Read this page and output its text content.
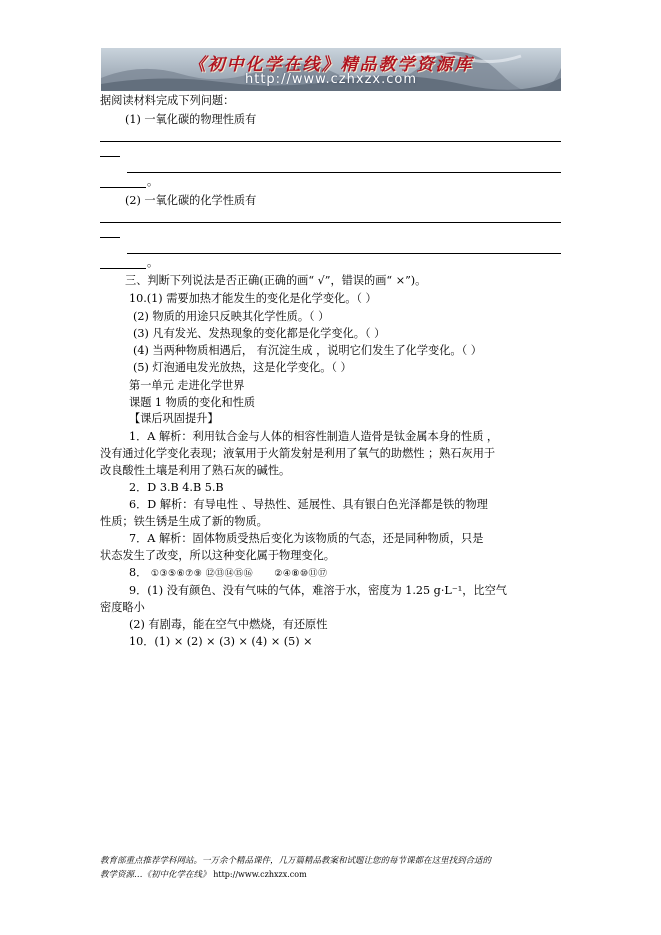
《初中化学在线》精品教学资源库
http://www.czhxzx.com
据阅读材料完成下列问题：
(1) 一氧化碳的物理性质有
。
(2) 一氧化碳的化学性质有
。
三、判断下列说法是否正确(正确的画“ √”，错误的画“ ×”)。
10.(1) 需要加热才能发生的变化是化学变化。（ ）
(2) 物质的用途只反映其化学性质。（ ）
(3) 凡有发光、发热现象的变化都是化学变化。（ ）
(4) 当两种物质相遇后， 有沉淀生成 ，说明它们发生了化学变化。（ ）
(5) 灯泡通电发光放热，这是化学变化。（ ）
第一单元 走进化学世界
课题 1 物质的变化和性质
【课后巩固提升】
1．A 解析：利用钛合金与人体的相容性制造人造骨是钛金属本身的性质 ，
没有通过化学变化表现；液氧用于火箭发射是利用了氧气的助燃性 ；熟石灰用于
改良酸性土壤是利用了熟石灰的碱性。
2．D 3.B 4.B 5.B
6．D 解析：有导电性 、导热性、延展性、具有银白色光泽都是铁的物理
性质；铁生锈是生成了新的物质。
7．A 解析：固体物质受热后变化为该物质的气态，还是同种物质，只是
状态发生了改变，所以这种变化属于物理变化。
8． ①③⑤⑥⑦⑨ ⑫⑬⑭⑮⑯ ②④⑧⑩⑪⑰
9．(1) 没有颜色、没有气味的气体，难溶于水，密度为 1.25 g·L⁻¹，比空气
密度略小
(2) 有剧毒，能在空气中燃烧，有还原性
10．(1) × (2) × (3) × (4) × (5) ×
教育部重点推荐学科网站。一万余个精品课件，几万篇精品教案和试题让您的每节课都在这里找到合适的
教学资源…《初中化学在线》 http://www.czhxzx.com
